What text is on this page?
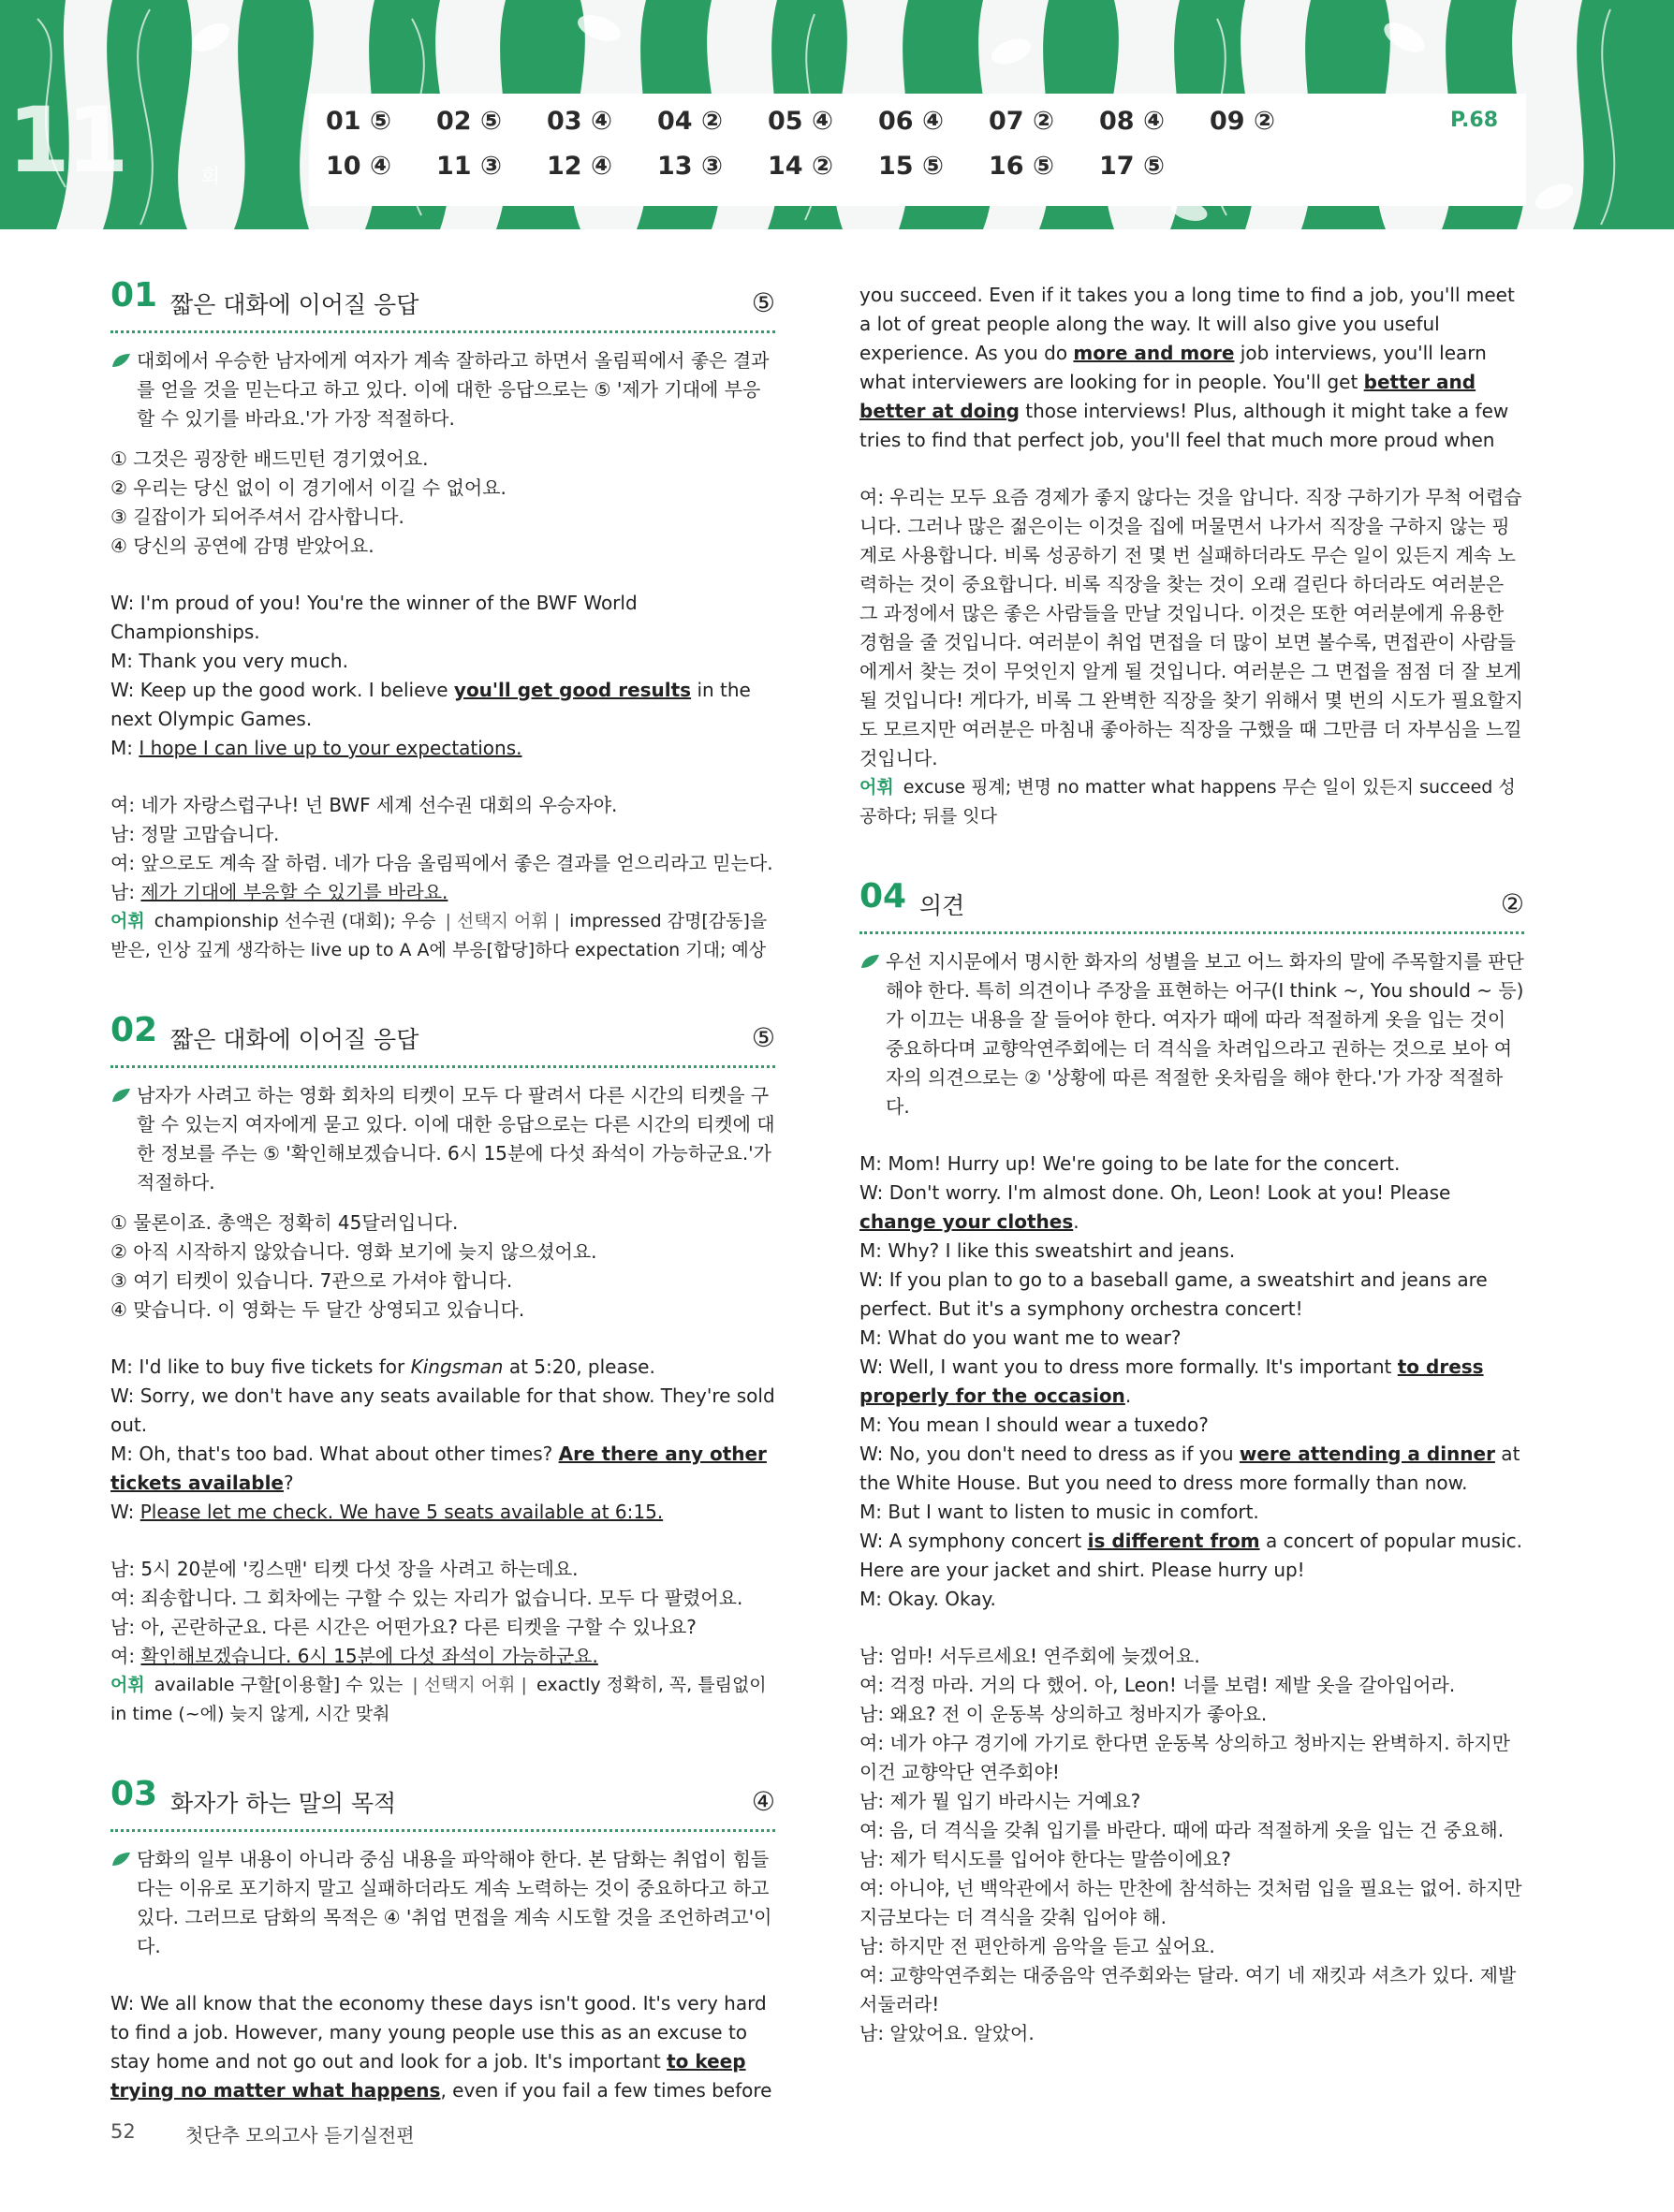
11	회
01 ⑤	02 ⑤	03 ④	04 ②	05 ④	06 ④	07 ②	08 ④	09 ②
10 ④	11 ③	12 ④	13 ③	14 ②	15 ⑤	16 ⑤	17 ⑤
P.68
01 짧은 대화에 이어질 응답	⑤
대회에서 우승한 남자에게 여자가 계속 잘하라고 하면서 올림픽에서 좋은 결과를 얻을 것을 믿는다고 하고 있다. 이에 대한 응답으로는 ⑤ '제가 기대에 부응할 수 있기를 바라요.'가 가장 적절하다.
① 그것은 굉장한 배드민턴 경기였어요.
② 우리는 당신 없이 이 경기에서 이길 수 없어요.
③ 길잡이가 되어주셔서 감사합니다.
④ 당신의 공연에 감명 받았어요.
W: I'm proud of you! You're the winner of the BWF World Championships.
M: Thank you very much.
W: Keep up the good work. I believe you'll get good results in the next Olympic Games.
M: I hope I can live up to your expectations.
여: 네가 자랑스럽구나! 넌 BWF 세계 선수권 대회의 우승자야.
남: 정말 고맙습니다.
여: 앞으로도 계속 잘 하렴. 네가 다음 올림픽에서 좋은 결과를 얻으리라고 믿는다.
남: 제가 기대에 부응할 수 있기를 바라요.
어휘 championship 선수권 (대회); 우승 | 선택지 어휘 | impressed 감명[감동]을 받은, 인상 깊게 생각하는 live up to A A에 부응[합당]하다 expectation 기대; 예상
02 짧은 대화에 이어질 응답	⑤
남자가 사려고 하는 영화 회차의 티켓이 모두 다 팔려서 다른 시간의 티켓을 구할 수 있는지 여자에게 묻고 있다. 이에 대한 응답으로는 다른 시간의 티켓에 대한 정보를 주는 ⑤ '확인해보겠습니다. 6시 15분에 다섯 좌석이 가능하군요.'가 적절하다.
① 물론이죠. 총액은 정확히 45달러입니다.
② 아직 시작하지 않았습니다. 영화 보기에 늦지 않으셨어요.
③ 여기 티켓이 있습니다. 7관으로 가셔야 합니다.
④ 맞습니다. 이 영화는 두 달간 상영되고 있습니다.
M: I'd like to buy five tickets for Kingsman at 5:20, please.
W: Sorry, we don't have any seats available for that show. They're sold out.
M: Oh, that's too bad. What about other times? Are there any other tickets available?
W: Please let me check. We have 5 seats available at 6:15.
남: 5시 20분에 '킹스맨' 티켓 다섯 장을 사려고 하는데요.
여: 죄송합니다. 그 회차에는 구할 수 있는 자리가 없습니다. 모두 다 팔렸어요.
남: 아, 곤란하군요. 다른 시간은 어떤가요? 다른 티켓을 구할 수 있나요?
여: 확인해보겠습니다. 6시 15분에 다섯 좌석이 가능하군요.
어휘 available 구할[이용할] 수 있는 | 선택지 어휘 | exactly 정확히, 꼭, 틀림없이 in time (~에) 늦지 않게, 시간 맞춰
03 화자가 하는 말의 목적	④
담화의 일부 내용이 아니라 중심 내용을 파악해야 한다. 본 담화는 취업이 힘들다는 이유로 포기하지 말고 실패하더라도 계속 노력하는 것이 중요하다고 하고 있다. 그러므로 담화의 목적은 ④ '취업 면접을 계속 시도할 것을 조언하려고'이다.
W: We all know that the economy these days isn't good. It's very hard to find a job. However, many young people use this as an excuse to stay home and not go out and look for a job. It's important to keep trying no matter what happens, even if you fail a few times before
you succeed. Even if it takes you a long time to find a job, you'll meet a lot of great people along the way. It will also give you useful experience. As you do more and more job interviews, you'll learn what interviewers are looking for in people. You'll get better and better at doing those interviews! Plus, although it might take a few tries to find that perfect job, you'll feel that much more proud when
여: 우리는 모두 요즘 경제가 좋지 않다는 것을 압니다. 직장 구하기가 무척 어렵습니다. 그러나 많은 젊은이는 이것을 집에 머물면서 나가서 직장을 구하지 않는 핑계로 사용합니다. 비록 성공하기 전 몇 번 실패하더라도 무슨 일이 있든지 계속 노력하는 것이 중요합니다. 비록 직장을 찾는 것이 오래 걸린다 하더라도 여러분은 그 과정에서 많은 좋은 사람들을 만날 것입니다. 이것은 또한 여러분에게 유용한 경험을 줄 것입니다. 여러분이 취업 면접을 더 많이 보면 볼수록, 면접관이 사람들에게서 찾는 것이 무엇인지 알게 될 것입니다. 여러분은 그 면접을 점점 더 잘 보게 될 것입니다! 게다가, 비록 그 완벽한 직장을 찾기 위해서 몇 번의 시도가 필요할지도 모르지만 여러분은 마침내 좋아하는 직장을 구했을 때 그만큼 더 자부심을 느낄 것입니다.
어휘 excuse 핑계; 변명 no matter what happens 무슨 일이 있든지 succeed 성공하다; 뒤를 잇다
04 의견	②
우선 지시문에서 명시한 화자의 성별을 보고 어느 화자의 말에 주목할지를 판단해야 한다. 특히 의견이나 주장을 표현하는 어구(I think ~, You should ~ 등)가 이끄는 내용을 잘 들어야 한다. 여자가 때에 따라 적절하게 옷을 입는 것이 중요하다며 교향악연주회에는 더 격식을 차려입으라고 권하는 것으로 보아 여자의 의견으로는 ② '상황에 따른 적절한 옷차림을 해야 한다.'가 가장 적절하다.
M: Mom! Hurry up! We're going to be late for the concert.
W: Don't worry. I'm almost done. Oh, Leon! Look at you! Please change your clothes.
M: Why? I like this sweatshirt and jeans.
W: If you plan to go to a baseball game, a sweatshirt and jeans are perfect. But it's a symphony orchestra concert!
M: What do you want me to wear?
W: Well, I want you to dress more formally. It's important to dress properly for the occasion.
M: You mean I should wear a tuxedo?
W: No, you don't need to dress as if you were attending a dinner at the White House. But you need to dress more formally than now.
M: But I want to listen to music in comfort.
W: A symphony concert is different from a concert of popular music. Here are your jacket and shirt. Please hurry up!
M: Okay. Okay.
남: 엄마! 서두르세요! 연주회에 늦겠어요.
여: 걱정 마라. 거의 다 했어. 아, Leon! 너를 보렴! 제발 옷을 갈아입어라.
남: 왜요? 전 이 운동복 상의하고 청바지가 좋아요.
여: 네가 야구 경기에 가기로 한다면 운동복 상의하고 청바지는 완벽하지. 하지만 이건 교향악단 연주회야!
남: 제가 뭘 입기 바라시는 거예요?
여: 음, 더 격식을 갖춰 입기를 바란다. 때에 따라 적절하게 옷을 입는 건 중요해.
남: 제가 턱시도를 입어야 한다는 말씀이에요?
여: 아니야, 넌 백악관에서 하는 만찬에 참석하는 것처럼 입을 필요는 없어. 하지만 지금보다는 더 격식을 갖춰 입어야 해.
남: 하지만 전 편안하게 음악을 듣고 싶어요.
여: 교향악연주회는 대중음악 연주회와는 달라. 여기 네 재킷과 셔츠가 있다. 제발 서둘러라!
남: 알았어요. 알았어.
52	첫단추 모의고사 듣기실전편
